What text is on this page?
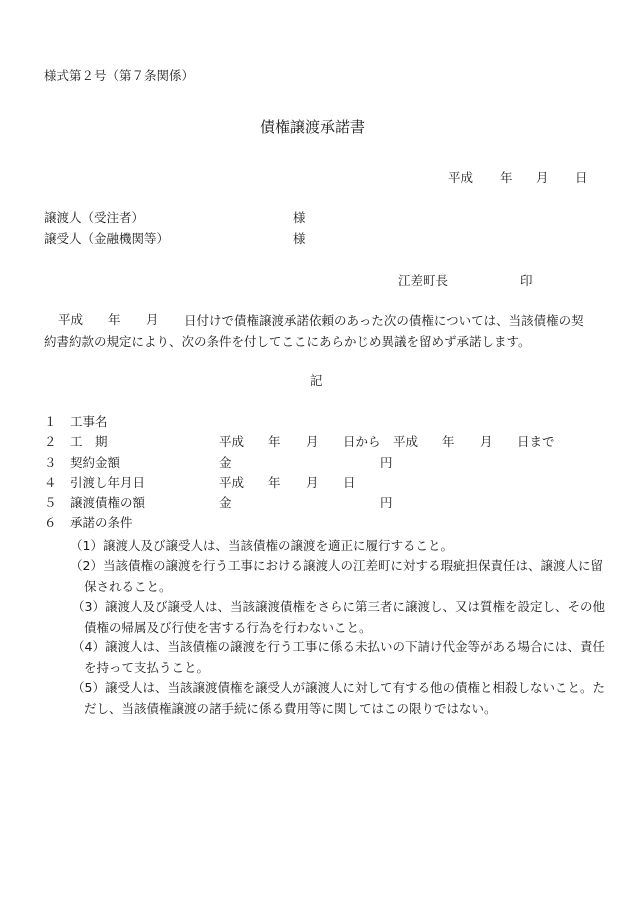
様式第２号（第７条関係）
債権譲渡承諾書
平成 年 月 日
譲渡人（受注者）	様
譲受人（金融機関等）	様
江差町長	印
平成 年 月	日付けで債権譲渡承諾依頼のあった次の債権については、当該債権の契約書約款の規定により、次の条件を付してここにあらかじめ異議を留めず承諾します。
記
１ 工事名
２ 工　期	平成 年 月 日から 平成 年 月 日まで
３ 契約金額	金	円
４ 引渡し年月日	平成 年 月 日
５ 譲渡債権の額	金	円
６ 承諾の条件
（1）譲渡人及び譲受人は、当該債権の譲渡を適正に履行すること。
（2）当該債権の譲渡を行う工事における譲渡人の江差町に対する瑕疵担保責任は、譲渡人に留保されること。
（3）譲渡人及び譲受人は、当該譲渡債権をさらに第三者に譲渡し、又は質権を設定し、その他債権の帰属及び行使を害する行為を行わないこと。
（4）譲渡人は、当該債権の譲渡を行う工事に係る未払いの下請け代金等がある場合には、責任を持って支払うこと。
（5）譲受人は、当該譲渡債権を譲受人が譲渡人に対して有する他の債権と相殺しないこと。ただし、当該債権譲渡の諸手続に係る費用等に関してはこの限りではない。
